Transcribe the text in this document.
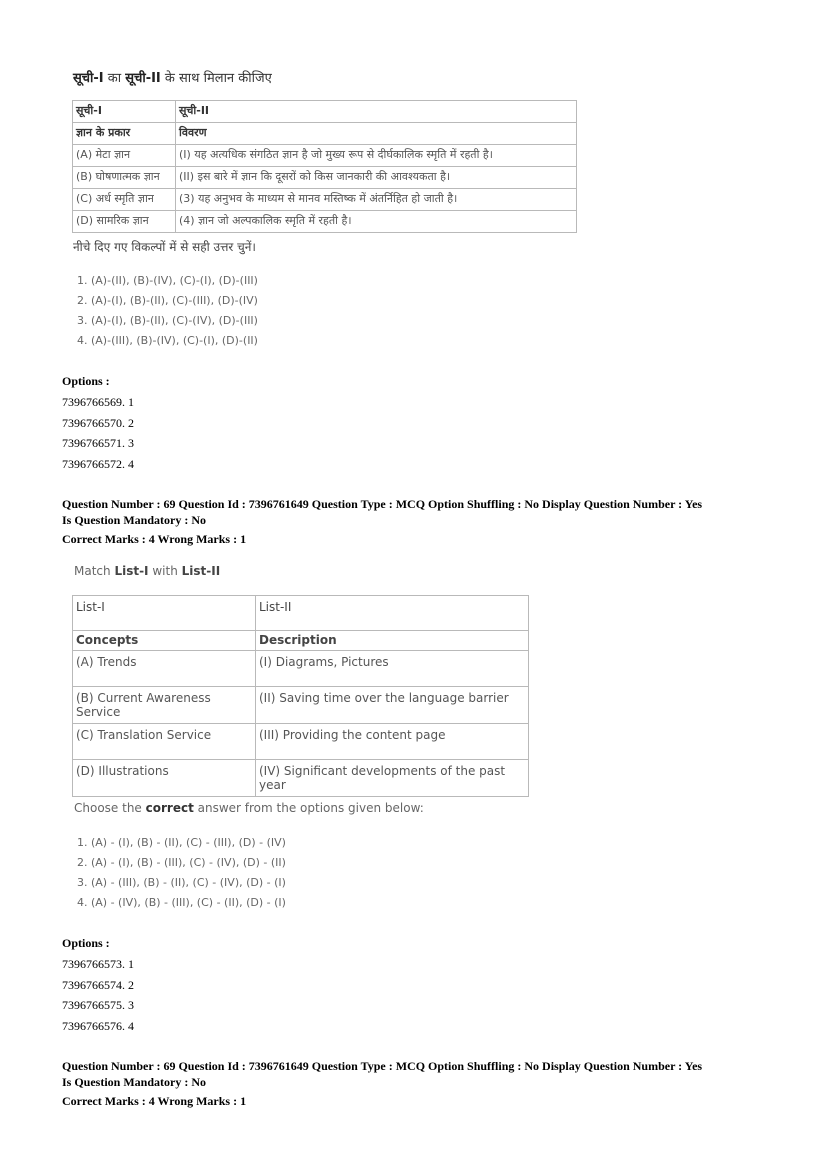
सूची-I का सूची-II के साथ मिलान कीजिए
सूची-I	सूची-II
ज्ञान के प्रकार	विवरण
(A) मेटा ज्ञान	(I) यह अत्यधिक संगठित ज्ञान है जो मुख्य रूप से दीर्घकालिक स्मृति में रहती है।
(B) घोषणात्मक ज्ञान	(II) इस बारे में ज्ञान कि दूसरों को किस जानकारी की आवश्यकता है।
(C) अर्ध स्मृति ज्ञान	(3) यह अनुभव के माध्यम से मानव मस्तिष्क में अंतर्निहित हो जाती है।
(D) सामरिक ज्ञान	(4) ज्ञान जो अल्पकालिक स्मृति में रहती है।
नीचे दिए गए विकल्पों में से सही उत्तर चुनें।
1. (A)-(II), (B)-(IV), (C)-(I), (D)-(III)
2. (A)-(I), (B)-(II), (C)-(III), (D)-(IV)
3. (A)-(I), (B)-(II), (C)-(IV), (D)-(III)
4. (A)-(III), (B)-(IV), (C)-(I), (D)-(II)
Options :
7396766569. 1
7396766570. 2
7396766571. 3
7396766572. 4
Question Number : 69 Question Id : 7396761649 Question Type : MCQ Option Shuffling : No Display Question Number : Yes
Is Question Mandatory : No
Correct Marks : 4 Wrong Marks : 1
Match List-I with List-II
List-I	List-II
Concepts	Description
(A) Trends	(I) Diagrams, Pictures
(B) Current Awareness Service	(II) Saving time over the language barrier
(C) Translation Service	(III) Providing the content page
(D) Illustrations	(IV) Significant developments of the past year
Choose the correct answer from the options given below:
1. (A) - (I), (B) - (II), (C) - (III), (D) - (IV)
2. (A) - (I), (B) - (III), (C) - (IV), (D) - (II)
3. (A) - (III), (B) - (II), (C) - (IV), (D) - (I)
4. (A) - (IV), (B) - (III), (C) - (II), (D) - (I)
Options :
7396766573. 1
7396766574. 2
7396766575. 3
7396766576. 4
Question Number : 69 Question Id : 7396761649 Question Type : MCQ Option Shuffling : No Display Question Number : Yes
Is Question Mandatory : No
Correct Marks : 4 Wrong Marks : 1
